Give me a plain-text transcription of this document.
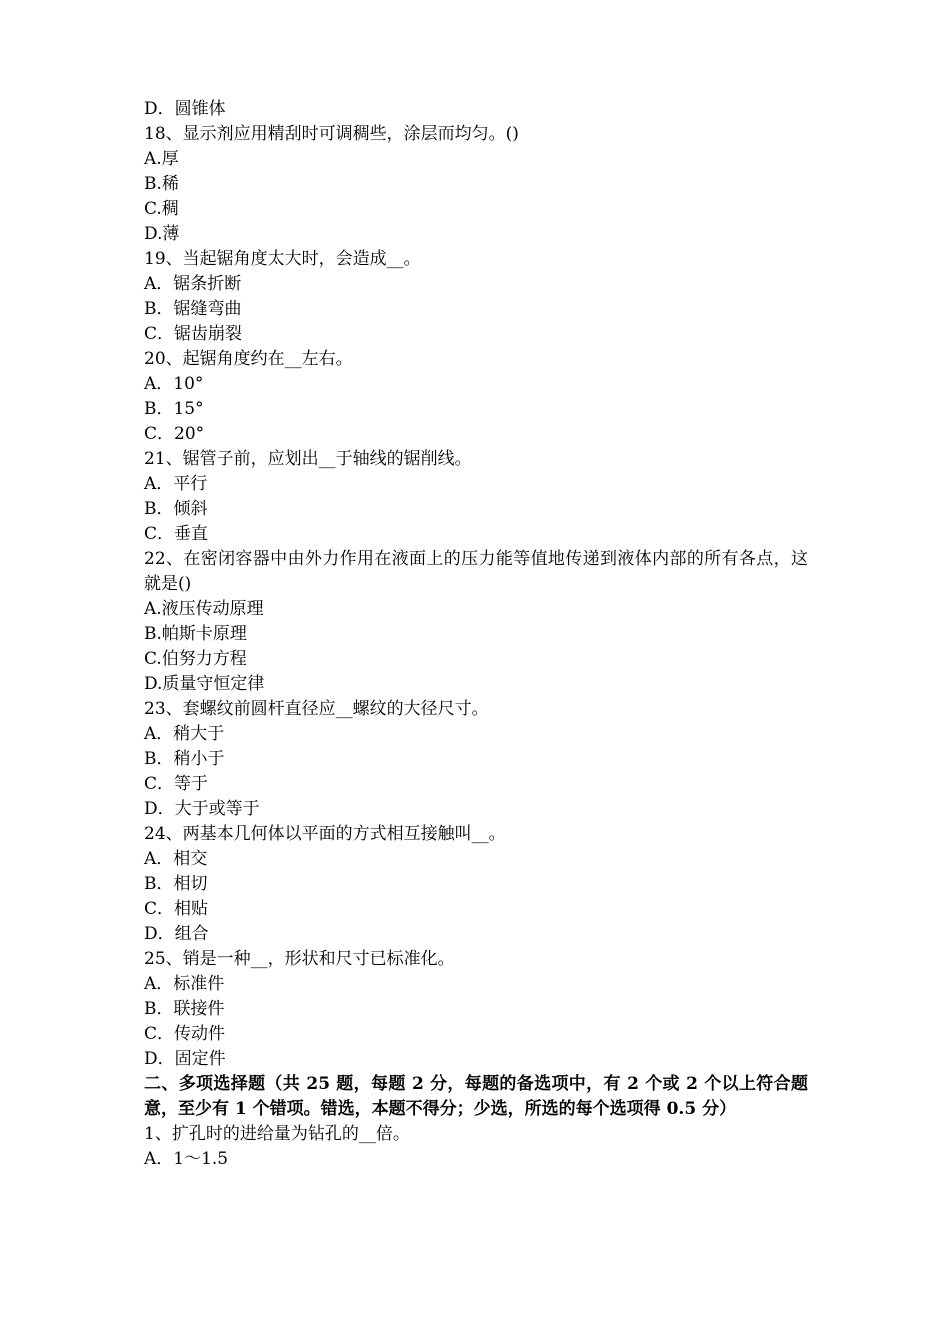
D．圆锥体
18、显示剂应用精刮时可调稠些，涂层而均匀。()
A.厚
B.稀
C.稠
D.薄
19、当起锯角度太大时，会造成__。
A．锯条折断
B．锯缝弯曲
C．锯齿崩裂
20、起锯角度约在__左右。
A．10°
B．15°
C．20°
21、锯管子前，应划出__于轴线的锯削线。
A．平行
B．倾斜
C．垂直
22、在密闭容器中由外力作用在液面上的压力能等值地传递到液体内部的所有各点，这就是()
A.液压传动原理
B.帕斯卡原理
C.伯努力方程
D.质量守恒定律
23、套螺纹前圆杆直径应__螺纹的大径尺寸。
A．稍大于
B．稍小于
C．等于
D．大于或等于
24、两基本几何体以平面的方式相互接触叫__。
A．相交
B．相切
C．相贴
D．组合
25、销是一种__，形状和尺寸已标准化。
A．标准件
B．联接件
C．传动件
D．固定件
二、多项选择题（共 25 题，每题 2 分，每题的备选项中，有 2 个或 2 个以上符合题意，至少有 1 个错项。错选，本题不得分；少选，所选的每个选项得 0.5 分）
1、扩孔时的进给量为钻孔的__倍。
A．1～1.5
